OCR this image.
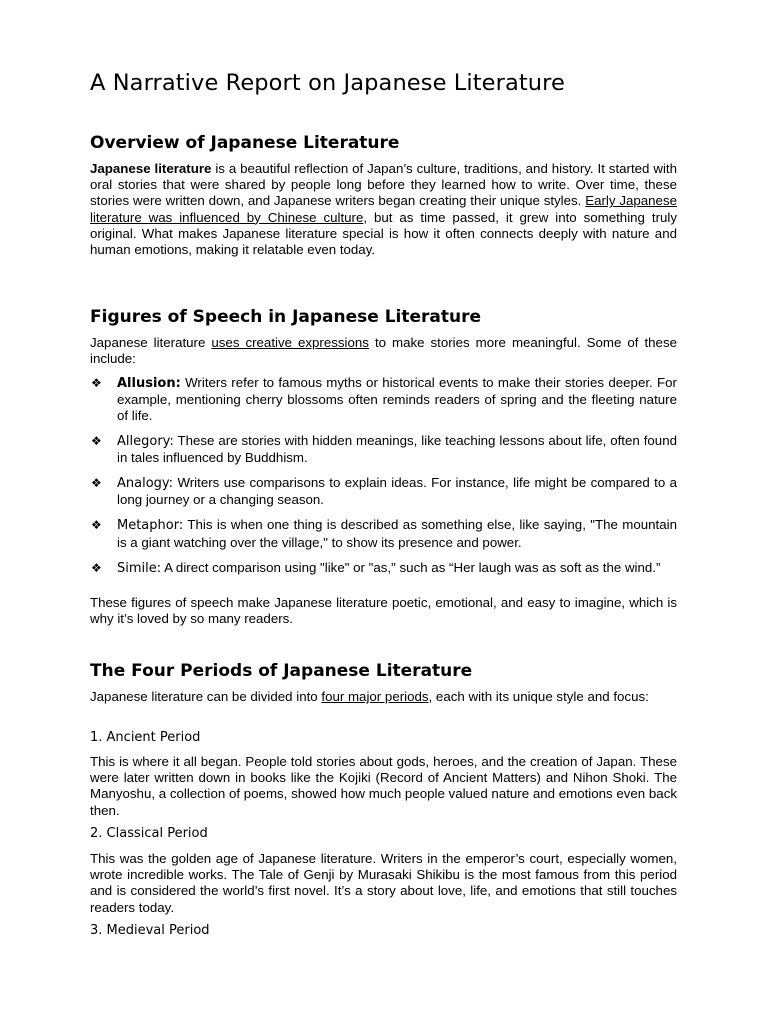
A Narrative Report on Japanese Literature
Overview of Japanese Literature

Japanese literature is a beautiful reflection of Japan’s culture, traditions, and history. It started with oral stories that were shared by people long before they learned how to write. Over time, these stories were written down, and Japanese writers began creating their unique styles. Early Japanese literature was influenced by Chinese culture, but as time passed, it grew into something truly original. What makes Japanese literature special is how it often connects deeply with nature and human emotions, making it relatable even today.

Figures of Speech in Japanese Literature

Japanese literature uses creative expressions to make stories more meaningful. Some of these include:

❖ Allusion: Writers refer to famous myths or historical events to make their stories deeper. For example, mentioning cherry blossoms often reminds readers of spring and the fleeting nature of life.
❖ Allegory: These are stories with hidden meanings, like teaching lessons about life, often found in tales influenced by Buddhism.
❖ Analogy: Writers use comparisons to explain ideas. For instance, life might be compared to a long journey or a changing season.
❖ Metaphor: This is when one thing is described as something else, like saying, "The mountain is a giant watching over the village," to show its presence and power.
❖ Simile: A direct comparison using "like" or "as," such as “Her laugh was as soft as the wind.”

These figures of speech make Japanese literature poetic, emotional, and easy to imagine, which is why it’s loved by so many readers.

The Four Periods of Japanese Literature

Japanese literature can be divided into four major periods, each with its unique style and focus:

1. Ancient Period

This is where it all began. People told stories about gods, heroes, and the creation of Japan. These were later written down in books like the Kojiki (Record of Ancient Matters) and Nihon Shoki. The Manyoshu, a collection of poems, showed how much people valued nature and emotions even back then.

2. Classical Period

This was the golden age of Japanese literature. Writers in the emperor’s court, especially women, wrote incredible works. The Tale of Genji by Murasaki Shikibu is the most famous from this period and is considered the world’s first novel. It’s a story about love, life, and emotions that still touches readers today.

3. Medieval Period
